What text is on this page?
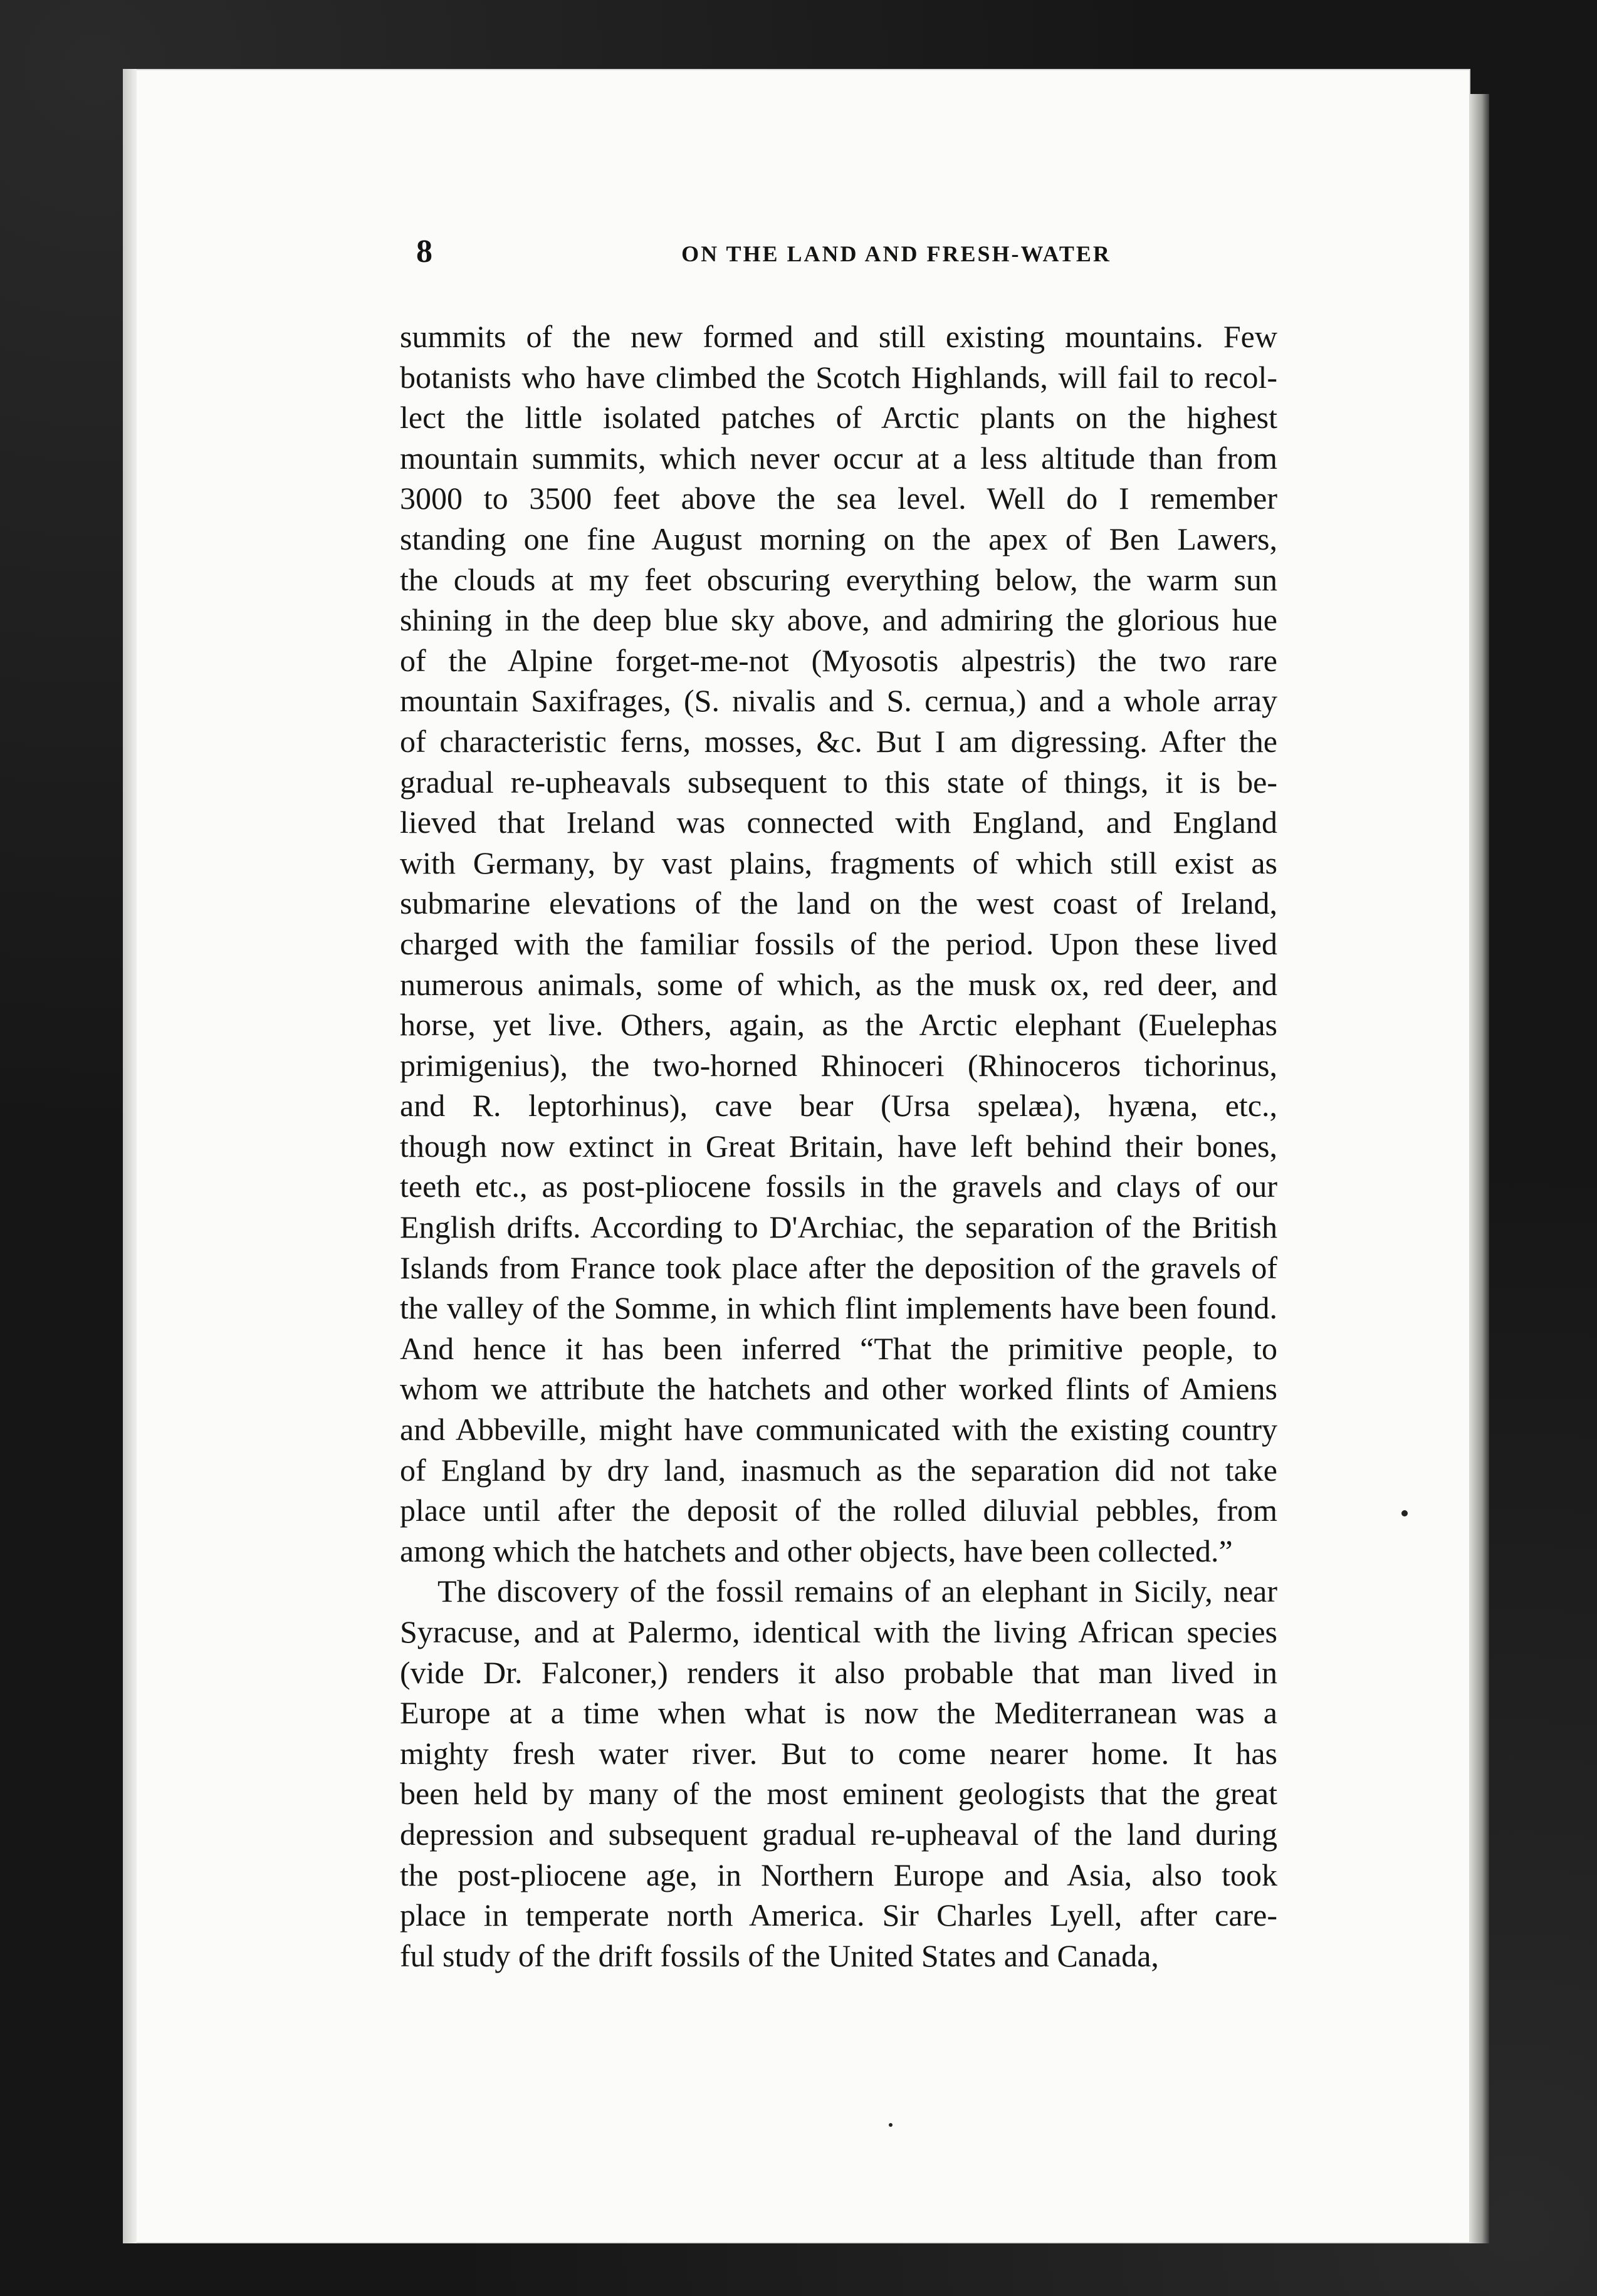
8	ON THE LAND AND FRESH-WATER

summits of the new formed and still existing mountains. Few

botanists who have climbed the Scotch Highlands, will fail to recol-

lect the little isolated patches of Arctic plants on the highest

mountain summits, which never occur at a less altitude than from

3000 to 3500 feet above the sea level. Well do I remember

standing one fine August morning on the apex of Ben Lawers,

the clouds at my feet obscuring everything below, the warm sun

shining in the deep blue sky above, and admiring the glorious hue

of the Alpine forget-me-not (Myosotis alpestris) the two rare

mountain Saxifrages, (S. nivalis and S. cernua,) and a whole array

of characteristic ferns, mosses, &c. But I am digressing. After the

gradual re-upheavals subsequent to this state of things, it is be-

lieved that Ireland was connected with England, and England

with Germany, by vast plains, fragments of which still exist as

submarine elevations of the land on the west coast of Ireland,

charged with the familiar fossils of the period. Upon these lived

numerous animals, some of which, as the musk ox, red deer, and

horse, yet live. Others, again, as the Arctic elephant (Euelephas

primigenius), the two-horned Rhinoceri (Rhinoceros tichorinus,

and R. leptorhinus), cave bear (Ursa spelæa), hyæna, etc.,

though now extinct in Great Britain, have left behind their bones,

teeth etc., as post-pliocene fossils in the gravels and clays of our

English drifts. According to D'Archiac, the separation of the British

Islands from France took place after the deposition of the gravels of

the valley of the Somme, in which flint implements have been found.

And hence it has been inferred “That the primitive people, to

whom we attribute the hatchets and other worked flints of Amiens

and Abbeville, might have communicated with the existing country

of England by dry land, inasmuch as the separation did not take

place until after the deposit of the rolled diluvial pebbles, from

among which the hatchets and other objects, have been collected.”

The discovery of the fossil remains of an elephant in Sicily, near

Syracuse, and at Palermo, identical with the living African species

(vide Dr. Falconer,) renders it also probable that man lived in

Europe at a time when what is now the Mediterranean was a

mighty fresh water river. But to come nearer home. It has

been held by many of the most eminent geologists that the great

depression and subsequent gradual re-upheaval of the land during

the post-pliocene age, in Northern Europe and Asia, also took

place in temperate north America. Sir Charles Lyell, after care-

ful study of the drift fossils of the United States and Canada,
